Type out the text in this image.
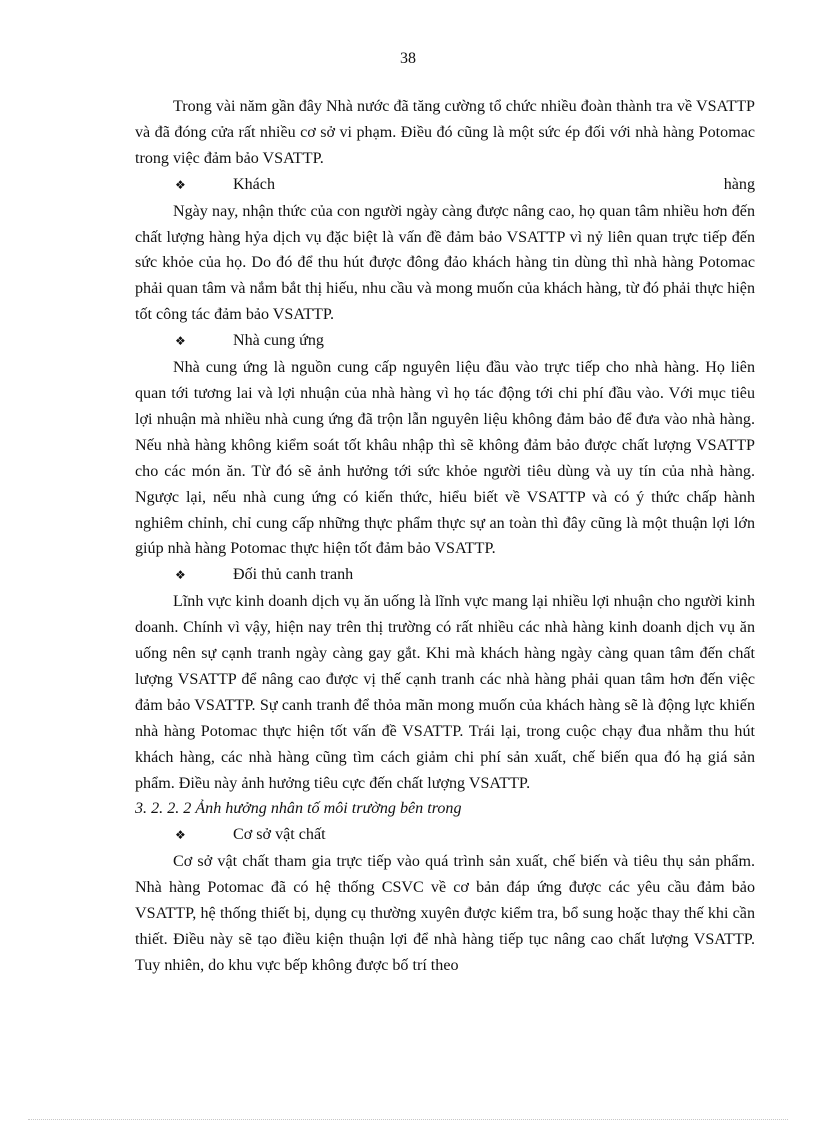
38

Trong vài năm gần đây Nhà nước đã tăng cường tổ chức nhiều đoàn thành tra về VSATTP và đã đóng cửa rất nhiều cơ sở vi phạm. Điều đó cũng là một sức ép đối với nhà hàng Potomac trong việc đảm bảo VSATTP.

❖	Khách	hàng

Ngày nay, nhận thức của con người ngày càng được nâng cao, họ quan tâm nhiều hơn đến chất lượng hàng hỷa dịch vụ đặc biệt là vấn đề đảm bảo VSATTP vì nỷ liên quan trực tiếp đến sức khỏe của họ. Do đó để thu hút được đông đảo khách hàng tin dùng thì nhà hàng Potomac phải quan tâm và nắm bắt thị hiếu, nhu cầu và mong muốn của khách hàng, từ đó phải thực hiện tốt công tác đảm bảo VSATTP.

❖	Nhà cung ứng

Nhà cung ứng là nguồn cung cấp nguyên liệu đầu vào trực tiếp cho nhà hàng. Họ liên quan tới tương lai và lợi nhuận của nhà hàng vì họ tác động tới chi phí đầu vào. Với mục tiêu lợi nhuận mà nhiều nhà cung ứng đã trộn lẫn nguyên liệu không đảm bảo để đưa vào nhà hàng. Nếu nhà hàng không kiểm soát tốt khâu nhập thì sẽ không đảm bảo được chất lượng VSATTP cho các món ăn. Từ đó sẽ ảnh hưởng tới sức khỏe người tiêu dùng và uy tín của nhà hàng. Ngược lại, nếu nhà cung ứng có kiến thức, hiểu biết về VSATTP và có ý thức chấp hành nghiêm chỉnh, chỉ cung cấp những thực phẩm thực sự an toàn thì đây cũng là một thuận lợi lớn giúp nhà hàng Potomac thực hiện tốt đảm bảo VSATTP.

❖	Đối thủ canh tranh

Lĩnh vực kinh doanh dịch vụ ăn uống là lĩnh vực mang lại nhiều lợi nhuận cho người kinh doanh. Chính vì vậy, hiện nay trên thị trường có rất nhiều các nhà hàng kinh doanh dịch vụ ăn uống nên sự cạnh tranh ngày càng gay gắt. Khi mà khách hàng ngày càng quan tâm đến chất lượng VSATTP để nâng cao được vị thế cạnh tranh các nhà hàng phải quan tâm hơn đến việc đảm bảo VSATTP. Sự canh tranh để thỏa mãn mong muốn của khách hàng sẽ là động lực khiến nhà hàng Potomac thực hiện tốt vấn đề VSATTP. Trái lại, trong cuộc chạy đua nhằm thu hút khách hàng, các nhà hàng cũng tìm cách giảm chi phí sản xuất, chế biến qua đó hạ giá sản phẩm. Điều này ảnh hưởng tiêu cực đến chất lượng VSATTP.

3. 2. 2. 2 Ảnh hưởng nhân tố môi trường bên trong

❖	Cơ sở vật chất

Cơ sở vật chất tham gia trực tiếp vào quá trình sản xuất, chế biến và tiêu thụ sản phẩm. Nhà hàng Potomac đã có hệ thống CSVC về cơ bản đáp ứng được các yêu cầu đảm bảo VSATTP, hệ thống thiết bị, dụng cụ thường xuyên được kiểm tra, bổ sung hoặc thay thế khi cần thiết. Điều này sẽ tạo điều kiện thuận lợi để nhà hàng tiếp tục nâng cao chất lượng VSATTP. Tuy nhiên, do khu vực bếp không được bố trí theo
